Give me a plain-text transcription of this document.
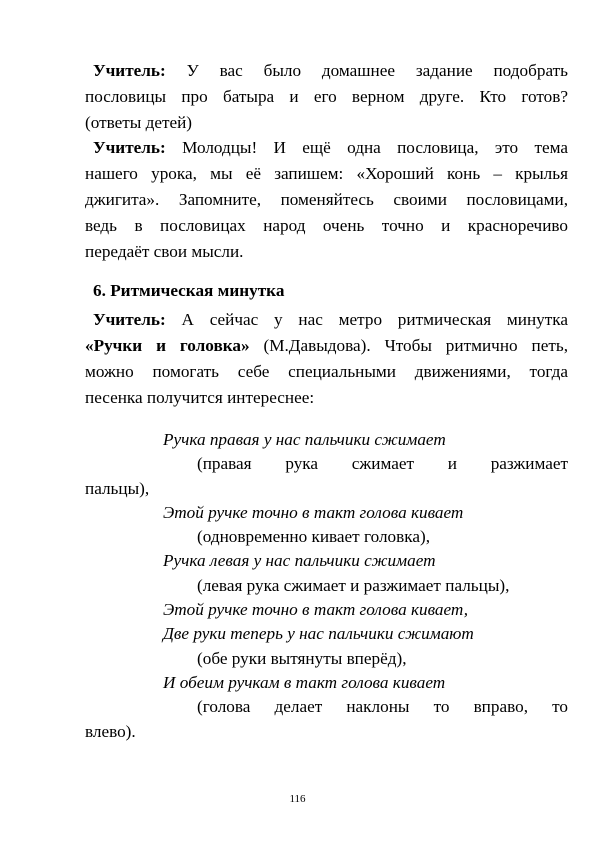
Учитель: У вас было домашнее задание подобрать
пословицы про батыра и его верном друге. Кто готов?
(ответы детей)
Учитель: Молодцы! И ещё одна пословица, это тема
нашего урока, мы её запишем: «Хороший конь – крылья
джигита». Запомните, поменяйтесь своими пословицами,
ведь в пословицах народ очень точно и красноречиво
передаёт свои мысли.
6. Ритмическая минутка
Учитель: А сейчас у нас метро ритмическая минутка
«Ручки и головка» (М.Давыдова). Чтобы ритмично петь,
можно помогать себе специальными движениями, тогда
песенка получится интереснее:
Ручка правая у нас пальчики сжимает
(правая рука сжимает и разжимает
пальцы),
Этой ручке точно в такт голова кивает
(одновременно кивает головка),
Ручка левая у нас пальчики сжимает
(левая рука сжимает и разжимает пальцы),
Этой ручке точно в такт голова кивает,
Две руки теперь у нас пальчики сжимают
(обе руки вытянуты вперёд),
И обеим ручкам в такт голова кивает
(голова делает наклоны то вправо, то
влево).
116
